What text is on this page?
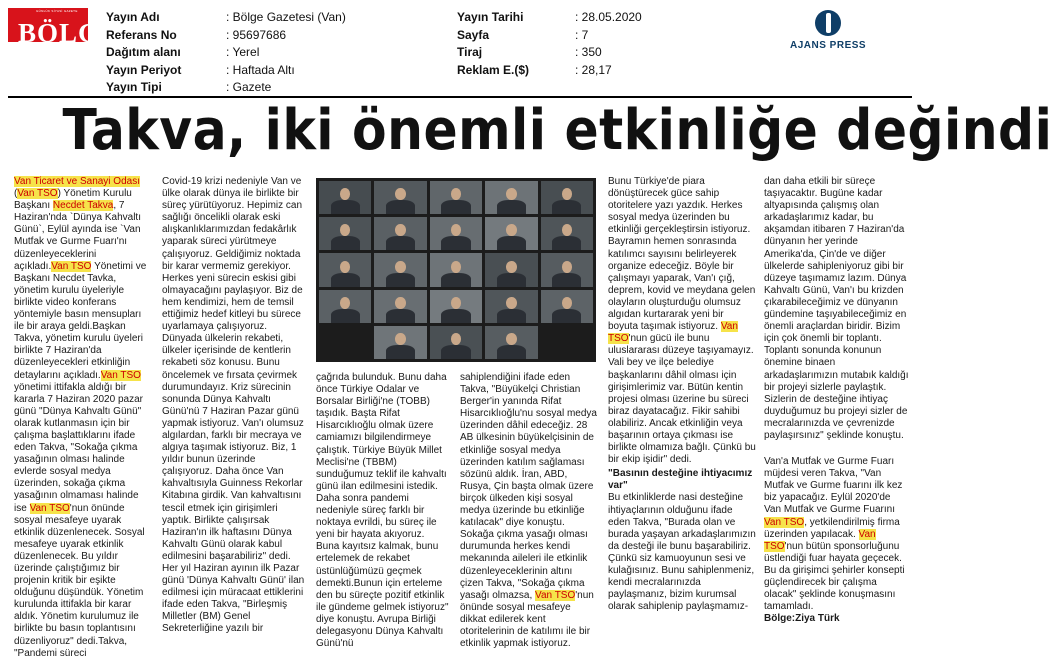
BÖLGE
GÜNLÜK SİYASİ GAZETE Yayın Adı	: Bölge Gazetesi (Van)
Referans No	: 95697686
Dağıtım alanı	: Yerel
Yayın Periyot	: Haftada Altı
Yayın Tipi	: Gazete
Yayın Tarihi	: 28.05.2020
Sayfa	: 7
Tiraj	: 350
Reklam E.($)	: 28,17
AJANS PRESS
Takva, iki önemli etkinliğe değindi

Van Ticaret ve Sanayi Odası (Van TSO) Yönetim Kurulu Başkanı Necdet Takva, 7 Haziran'nda `Dünya Kahvaltı Günü`, Eylül ayında ise `Van Mutfak ve Gurme Fuarı'nı düzenleyeceklerini açıkladı.Van TSO Yönetimi ve Başkanı Necdet Tavka, yönetim kurulu üyeleriyle birlikte video konferans yöntemiyle basın mensupları ile bir araya geldi.Başkan Takva, yönetim kurulu üyeleri birlikte 7 Haziran'da düzenleyecekleri etkinliğin detaylarını açıkladı.Van TSO yönetimi ittifakla aldığı bir kararla 7 Haziran 2020 pazar günü "Dünya Kahvaltı Günü" olarak kutlanmasın için bir çalışma başlattıklarını ifade eden Takva, "Sokağa çıkma yasağının olması halinde evlerde sosyal medya üzerinden, sokağa çıkma yasağının olmaması halinde ise Van TSO'nun önünde sosyal mesafeye uyarak etkinlik düzenlenecek. Sosyal mesafeye uyarak etkinlik düzenlenecek. Bu yıldır üzerinde çalıştığımız bir projenin kritik bir eşikte olduğunu düşündük. Yönetim kurulunda ittifakla bir karar aldık. Yönetim kurulumuz ile birlikte bu basın toplantısını düzenliyoruz" dedi.Takva, "Pandemi süreci

Covid-19 krizi nedeniyle Van ve ülke olarak dünya ile birlikte bir süreç yürütüyoruz. Hepimiz can sağlığı öncelikli olarak eski alışkanlıklarımızdan fedakârlık yaparak süreci yürütmeye çalışıyoruz. Geldiğimiz noktada bir karar vermemiz gerekiyor. Herkes yeni sürecin eskisi gibi olmayacağını paylaşıyor. Biz de hem kendimizi, hem de temsil ettiğimiz hedef kitleyi bu sürece uyarlamaya çalışıyoruz. Dünyada ülkelerin rekabeti, ülkeler içerisinde de kentlerin rekabeti söz konusu. Bunu öncelemek ve fırsata çevirmek durumundayız. Kriz sürecinin sonunda Dünya Kahvaltı Günü'nü 7 Haziran Pazar günü yapmak istiyoruz. Van'ı olumsuz algılardan, farklı bir mecraya ve algıya taşımak istiyoruz. Biz, 1 yıldır bunun üzerinde çalışıyoruz. Daha önce Van kahvaltısıyla Guinness Rekorlar Kitabına girdik. Van kahvaltısını tescil etmek için girişimleri yaptık. Birlikte çalışırsak Haziran'ın ilk haftasını Dünya Kahvaltı Günü olarak kabul edilmesini başarabiliriz" dedi. Her yıl Haziran ayının ilk Pazar günü 'Dünya Kahvaltı Günü' ilan edilmesi için müracaat ettiklerini ifade eden Takva, "Birleşmiş Milletler (BM) Genel Sekreterliğine yazılı bir

çağrıda bulunduk. Bunu daha önce Türkiye Odalar ve Borsalar Birliği'ne (TOBB) taşıdık. Başta Rifat Hisarcıklıoğlu olmak üzere camiamızı bilgilendirmeye çalıştık. Türkiye Büyük Millet Meclisi'ne (TBBM) sunduğumuz teklif ile kahvaltı günü ilan edilmesini istedik. Daha sonra pandemi nedeniyle süreç farklı bir noktaya evrildi, bu süreç ile yeni bir hayata akıyoruz. Buna kayıtsız kalmak, bunu ertelemek de rekabet üstünlüğümüzü geçmek demekti.Bunun için erteleme den bu süreçte pozitif etkinlik ile gündeme gelmek istiyoruz" diye konuştu. Avrupa Birliği delegasyonu Dünya Kahvaltı Günü'nü

sahiplendiğini ifade eden Takva, "Büyükelçi Christian Berger'in yanında Rifat Hisarcıklıoğlu'nu sosyal medya üzerinden dâhil edeceğiz. 28 AB ülkesinin büyükelçisinin de etkinliğe sosyal medya üzerinden katılım sağlaması sözünü aldık. İran, ABD, Rusya, Çin başta olmak üzere birçok ülkeden kişi sosyal medya üzerinde bu etkinliğe katılacak" diye konuştu. Sokağa çıkma yasağı olması durumunda herkes kendi mekanında aileleri ile etkinlik düzenleyeceklerinin altını çizen Takva, "Sokağa çıkma yasağı olmazsa, Van TSO'nun önünde sosyal mesafeye dikkat edilerek kent otoritelerinin de katılımı ile bir etkinlik yapmak istiyoruz.

Bunu Türkiye'de piara dönüştürecek güce sahip otoritelere yazı yazdık. Herkes sosyal medya üzerinden bu etkinliği gerçekleştirsin istiyoruz. Bayramın hemen sonrasında katılımcı sayısını belirleyerek organize edeceğiz. Böyle bir çalışmayı yaparak, Van'ı çığ, deprem, kovid ve meydana gelen olayların oluşturduğu olumsuz algıdan kurtararak yeni bir boyuta taşımak istiyoruz. Van TSO'nun gücü ile bunu uluslararası düzeye taşıyamayız. Vali bey ve ilçe belediye başkanlarını dâhil olması için girişimlerimiz var. Bütün kentin projesi olması üzerine bu süreci biraz dayatacağız. Fikir sahibi olabiliriz. Ancak etkinliğin veya başarının ortaya çıkması ise birlikte olmamıza bağlı. Çünkü bu bir ekip işidir" dedi.

"Basının desteğine ihtiyacımız var"

Bu etkinliklerde nasi desteğine ihtiyaçlarının olduğunu ifade eden Takva, "Burada olan ve burada yaşayan arkadaşlarımızın da desteği ile bunu başarabiliriz. Çünkü siz kamuoyunun sesi ve kulağısınız. Bunu sahiplenmeniz, kendi mecralarınızda paylaşmanız, bizim kurumsal olarak sahiplenip paylaşmamız-

dan daha etkili bir süreçe taşıyacaktır. Bugüne kadar altyapısında çalışmış olan arkadaşlarımız kadar, bu akşamdan itibaren 7 Haziran'da dünyanın her yerinde Amerika'da, Çin'de ve diğer ülkelerde sahipleniyoruz gibi bir düzeye taşımamız lazım. Dünya Kahvaltı Günü, Van'ı bu krizden çıkarabileceğimiz ve dünyanın gündemine taşıyabileceğimiz en önemli araçlardan biridir. Bizim için çok önemli bir toplantı. Toplantı sonunda konunun önemine binaen arkadaşlarımızın mutabık kaldığı bir projeyi sizlerle paylaştık. Sizlerin de desteğine ihtiyaç duyduğumuz bu projeyi sizler de mecralarınızda ve çevrenizde paylaşırsınız" şeklinde konuştu.

Van'a Mutfak ve Gurme Fuarı müjdesi veren Takva, "Van Mutfak ve Gurme fuarını ilk kez biz yapacağız. Eylül 2020'de Van Mutfak ve Gurme Fuarını Van TSO, yetkilendirilmiş firma üzerinden yapılacak. Van TSO'nun bütün sponsorluğunu üstlendiği fuar hayata geçecek. Bu da girişimci şehirler konsepti güçlendirecek bir çalışma olacak" şeklinde konuşmasını tamamladı.

Bölge:Ziya Türk
